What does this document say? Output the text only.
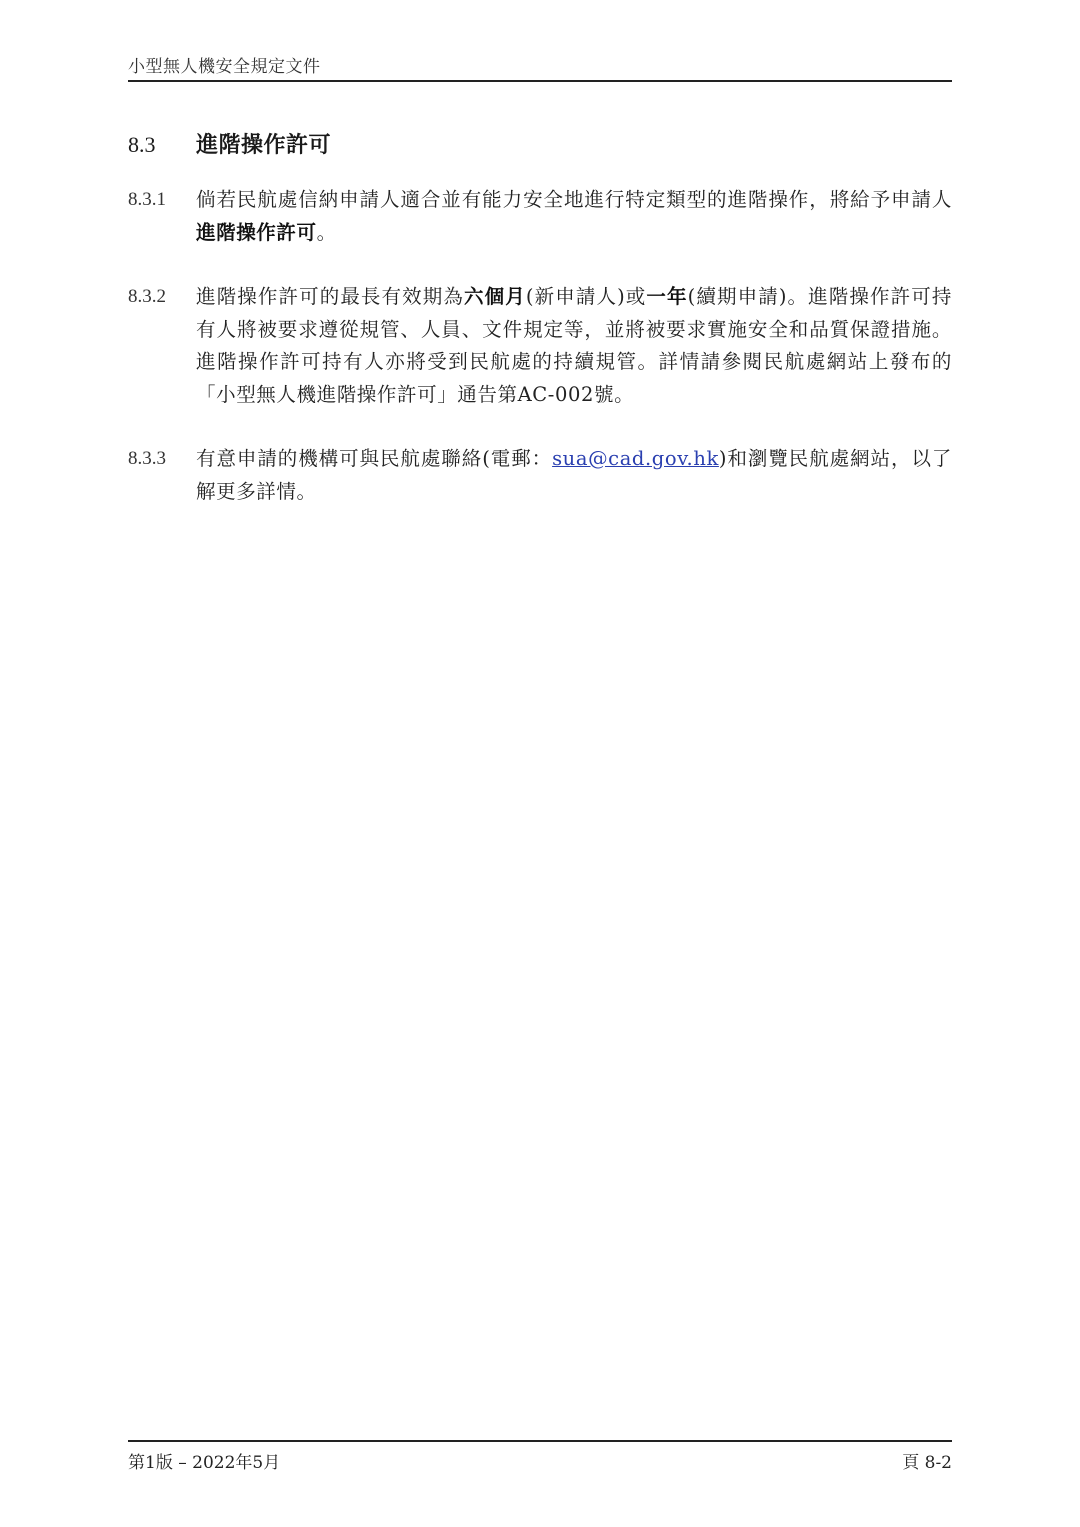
小型無人機安全規定文件
8.3	進階操作許可
8.3.1	倘若民航處信納申請人適合並有能力安全地進行特定類型的進階操作，將給予申請人進階操作許可。
8.3.2	進階操作許可的最長有效期為六個月(新申請人)或一年(續期申請)。進階操作許可持有人將被要求遵從規管、人員、文件規定等，並將被要求實施安全和品質保證措施。進階操作許可持有人亦將受到民航處的持續規管。詳情請參閱民航處網站上發布的「小型無人機進階操作許可」通告第AC-002號。
8.3.3	有意申請的機構可與民航處聯絡(電郵：sua@cad.gov.hk)和瀏覽民航處網站，以了解更多詳情。
第1版 – 2022年5月	頁 8-2
